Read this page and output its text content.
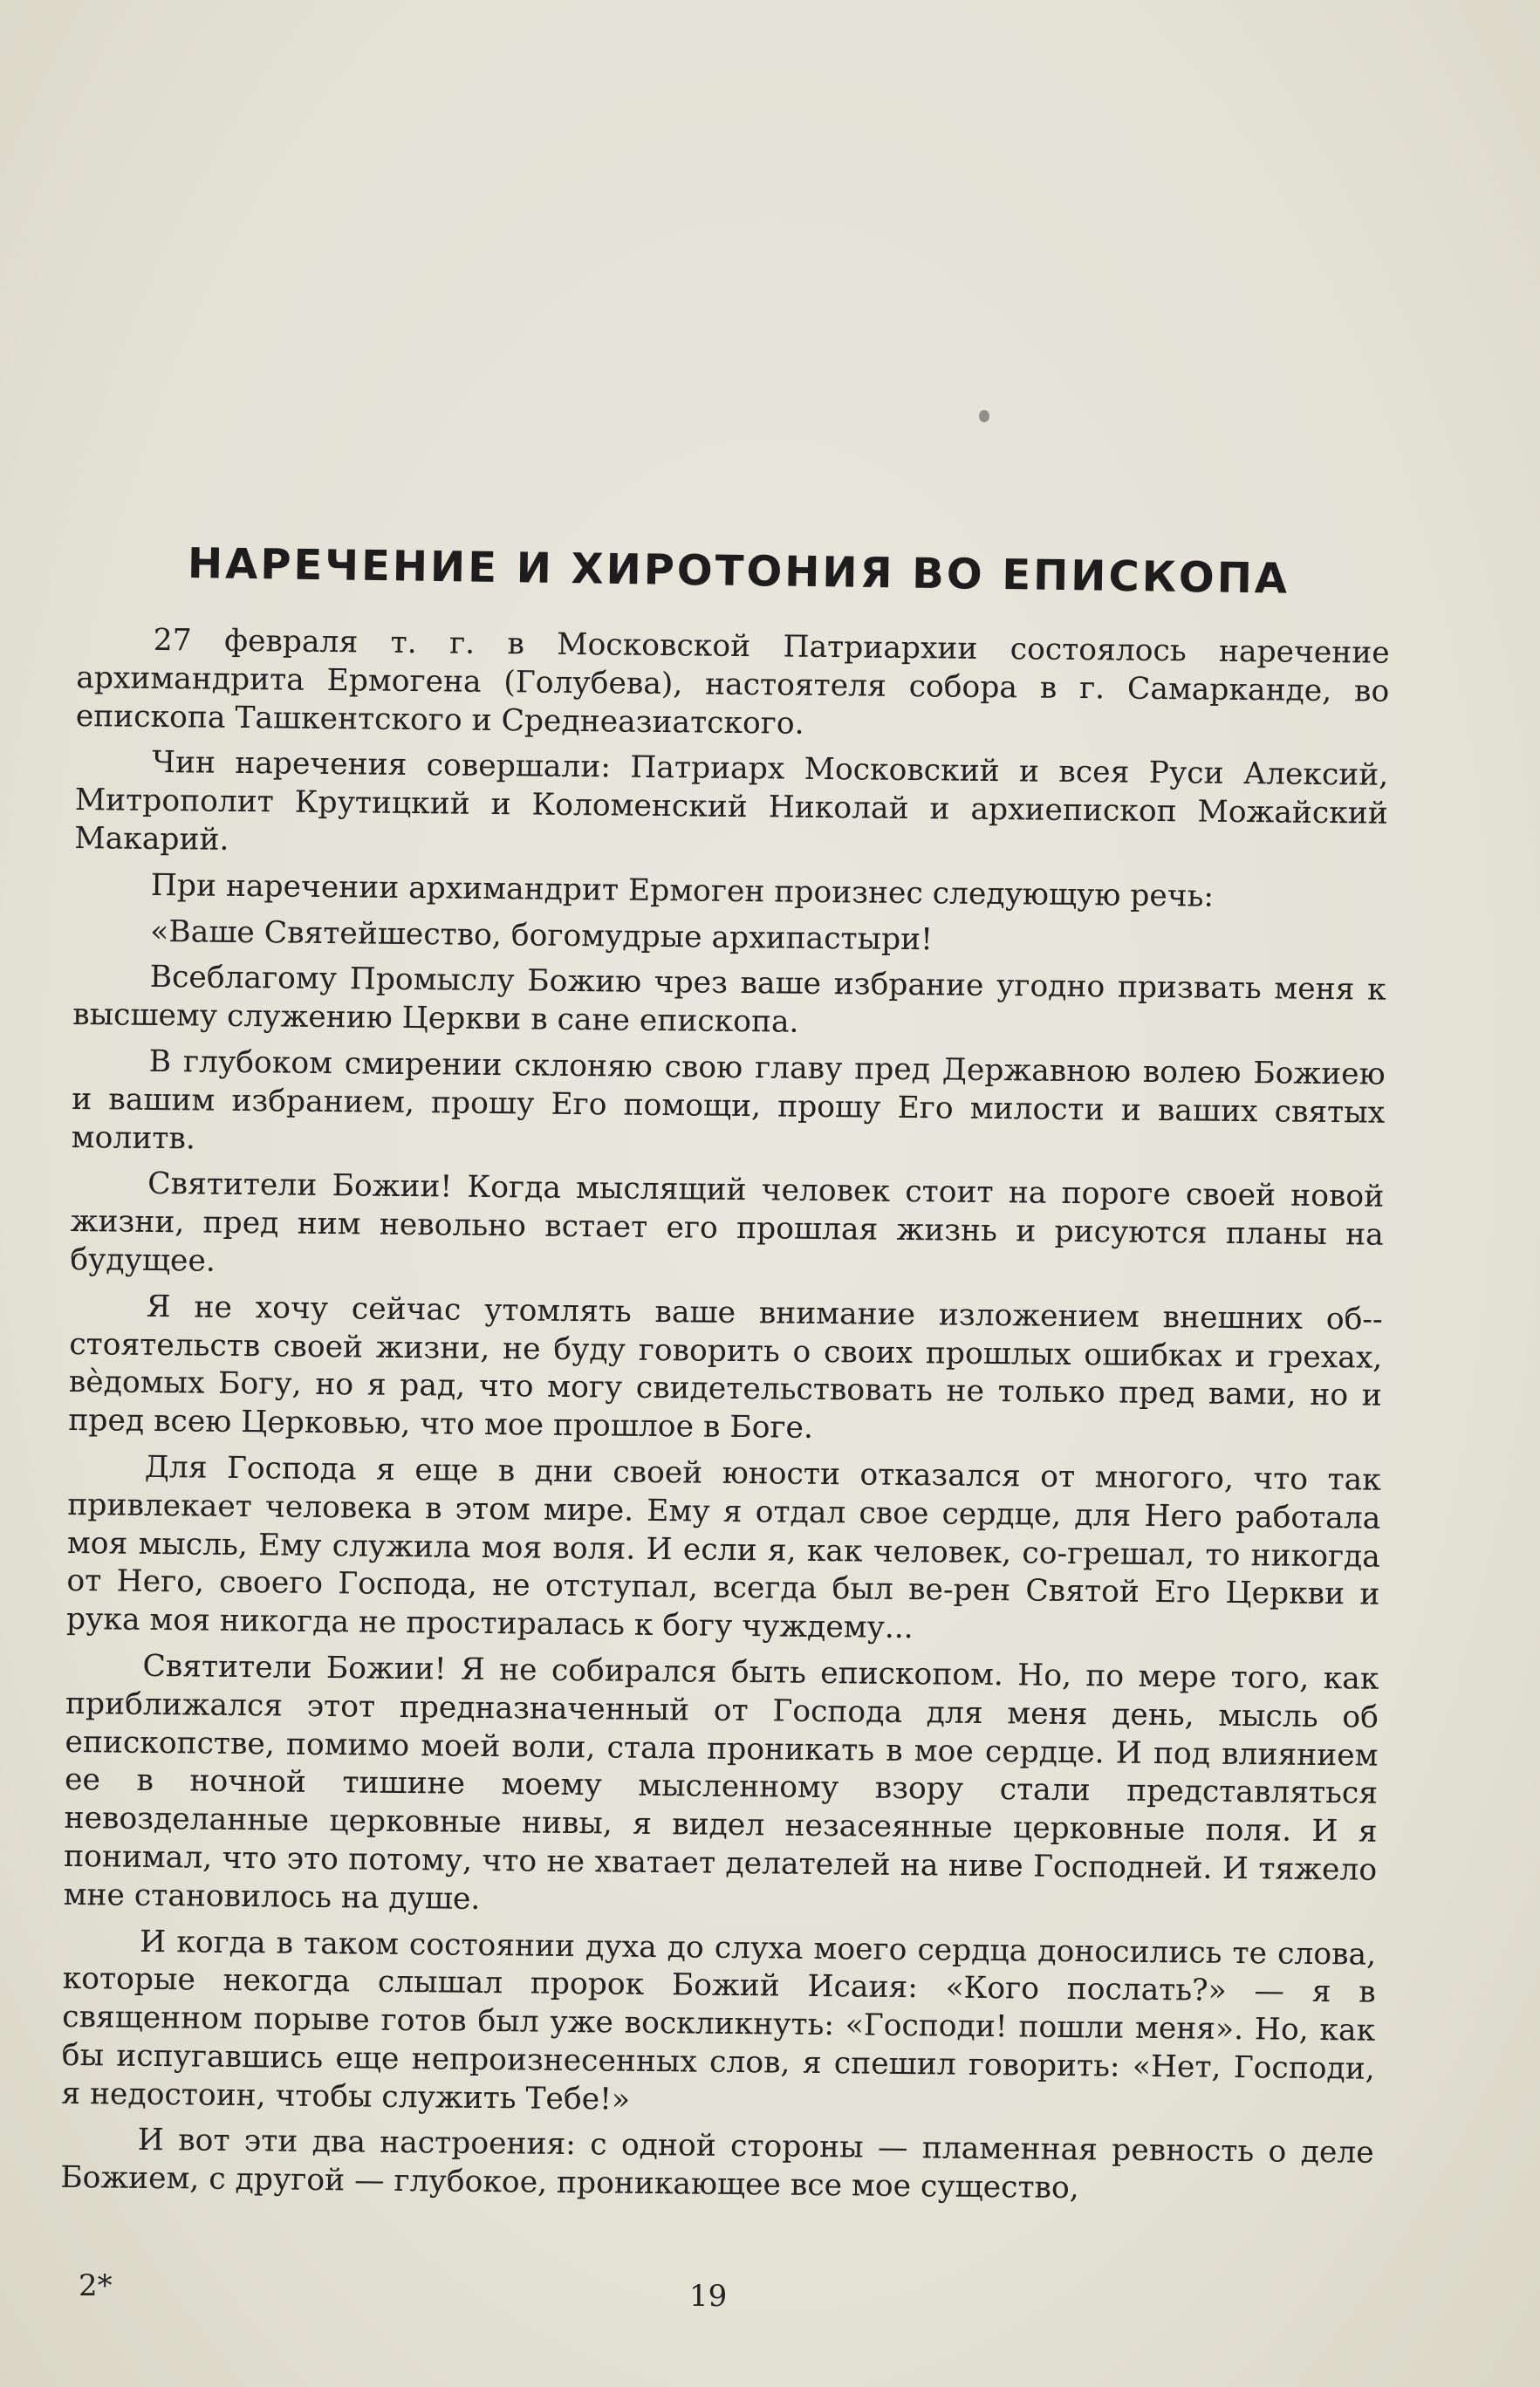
НАРЕЧЕНИЕ И ХИРОТОНИЯ ВО ЕПИСКОПА

27 февраля т. г. в Московской Патриархии состоялось наречение архимандрита Ермогена (Голубева), настоятеля собора в г. Самарканде, во епископа Ташкентского и Среднеазиатского.

Чин наречения совершали: Патриарх Московский и всея Руси Алексий, Митрополит Крутицкий и Коломенский Николай и архиепископ Можайский Макарий.

При наречении архимандрит Ермоген произнес следующую речь:

«Ваше Святейшество, богомудрые архипастыри!

Всеблагому Промыслу Божию чрез ваше избрание угодно призвать меня к высшему служению Церкви в сане епископа.

В глубоком смирении склоняю свою главу пред Державною волею Божиею и вашим избранием, прошу Его помощи, прошу Его милости и ваших святых молитв.

Святители Божии! Когда мыслящий человек стоит на пороге своей новой жизни, пред ним невольно встает его прошлая жизнь и рисуются планы на будущее.

Я не хочу сейчас утомлять ваше внимание изложением внешних об-стоятельств своей жизни, не буду говорить о своих прошлых ошибках и грехах, вѐдомых Богу, но я рад, что могу свидетельствовать не только пред вами, но и пред всею Церковью, что мое прошлое в Боге.

Для Господа я еще в дни своей юности отказался от многого, что так привлекает человека в этом мире. Ему я отдал свое сердце, для Него работала моя мысль, Ему служила моя воля. И если я, как человек, со-грешал, то никогда от Него, своего Господа, не отступал, всегда был ве-рен Святой Его Церкви и рука моя никогда не простиралась к богу чуждему...

Святители Божии! Я не собирался быть епископом. Но, по мере того, как приближался этот предназначенный от Господа для меня день, мысль об епископстве, помимо моей воли, стала проникать в мое сердце. И под влиянием ее в ночной тишине моему мысленному взору стали представляться невозделанные церковные нивы, я видел незасеянные церковные поля. И я понимал, что это потому, что не хватает делателей на ниве Господней. И тяжело мне становилось на душе.

И когда в таком состоянии духа до слуха моего сердца доносились те слова, которые некогда слышал пророк Божий Исаия: «Кого послать?» — я в священном порыве готов был уже воскликнуть: «Господи! пошли меня». Но, как бы испугавшись еще непроизнесенных слов, я спешил говорить: «Нет, Господи, я недостоин, чтобы служить Тебе!»

И вот эти два настроения: с одной стороны — пламенная ревность о деле Божием, с другой — глубокое, проникающее все мое существо,

2*	19
